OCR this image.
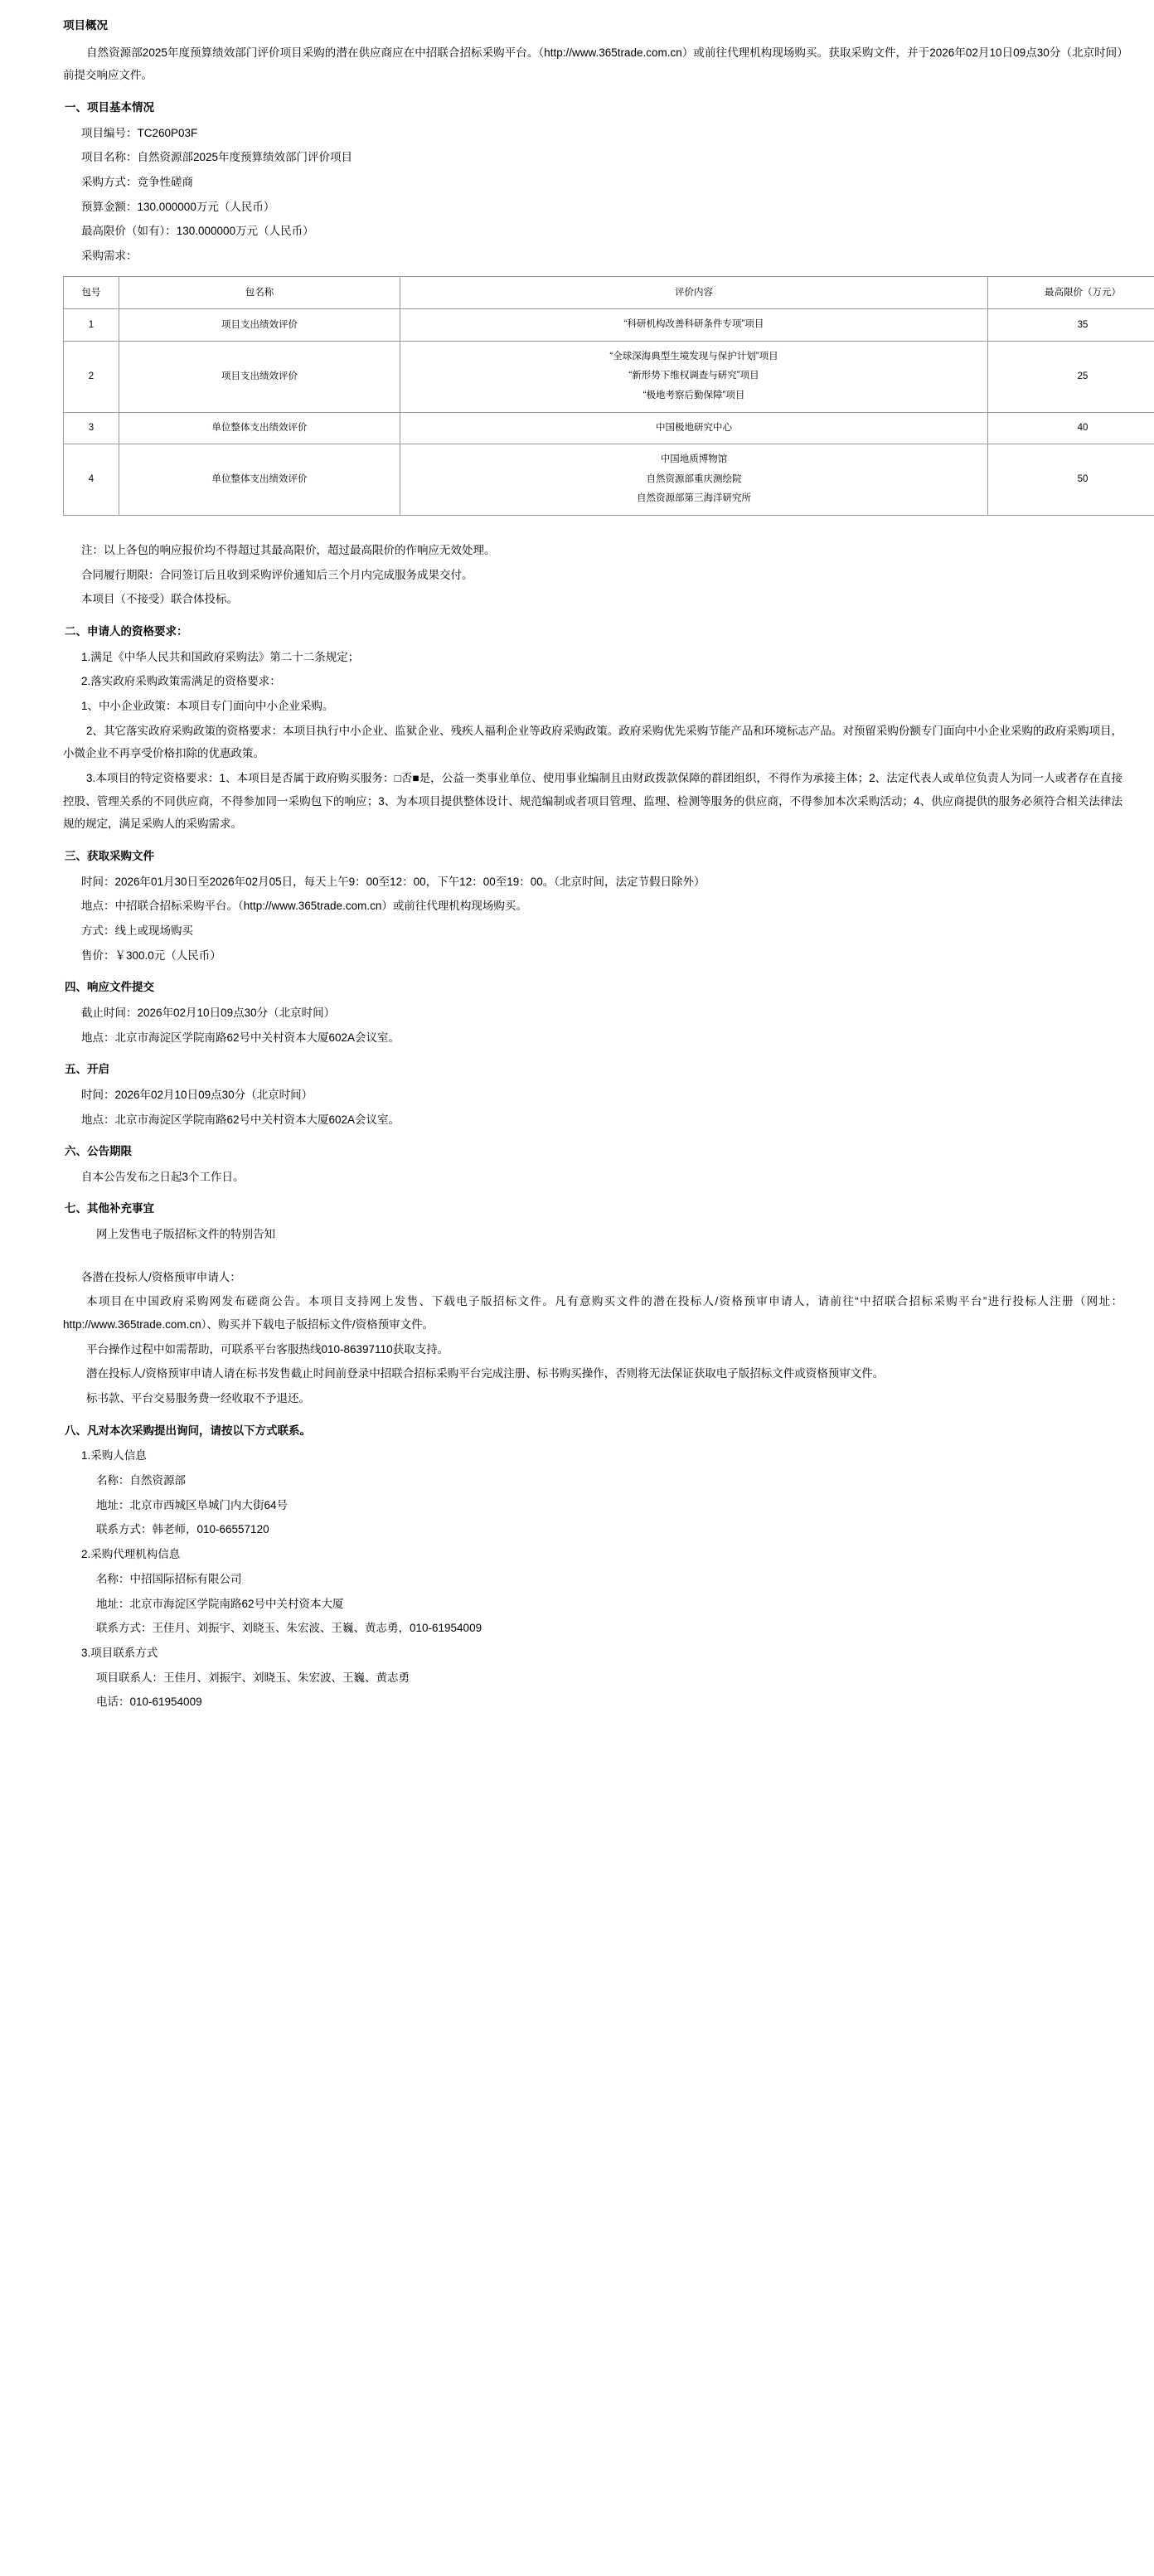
项目概况

自然资源部2025年度预算绩效部门评价项目采购的潜在供应商应在中招联合招标采购平台。（http://www.365trade.com.cn）或前往代理机构现场购买。获取采购文件，并于2026年02月10日09点30分（北京时间）前提交响应文件。

一、项目基本情况

项目编号：TC260P03F

项目名称：自然资源部2025年度预算绩效部门评价项目

采购方式：竞争性磋商

预算金额：130.000000万元（人民币）

最高限价（如有）：130.000000万元（人民币）

采购需求：

包号	包名称	评价内容	最高限价（万元）
1	项目支出绩效评价	“科研机构改善科研条件专项”项目	35
2	项目支出绩效评价	“全球深海典型生境发现与保护计划”项目
“新形势下维权调查与研究”项目
“极地考察后勤保障”项目	25
3	单位整体支出绩效评价	中国极地研究中心	40
4	单位整体支出绩效评价	中国地质博物馆
自然资源部重庆测绘院
自然资源部第三海洋研究所	50

注：以上各包的响应报价均不得超过其最高限价，超过最高限价的作响应无效处理。

合同履行期限：合同签订后且收到采购评价通知后三个月内完成服务成果交付。

本项目（不接受）联合体投标。

二、申请人的资格要求：

1.满足《中华人民共和国政府采购法》第二十二条规定；

2.落实政府采购政策需满足的资格要求：

1、中小企业政策：本项目专门面向中小企业采购。

2、其它落实政府采购政策的资格要求：本项目执行中小企业、监狱企业、残疾人福利企业等政府采购政策。政府采购优先采购节能产品和环境标志产品。对预留采购份额专门面向中小企业采购的政府采购项目，小微企业不再享受价格扣除的优惠政策。

3.本项目的特定资格要求：1、本项目是否属于政府购买服务：□否■是，公益一类事业单位、使用事业编制且由财政拨款保障的群团组织，不得作为承接主体；2、法定代表人或单位负责人为同一人或者存在直接控股、管理关系的不同供应商，不得参加同一采购包下的响应；3、为本项目提供整体设计、规范编制或者项目管理、监理、检测等服务的供应商，不得参加本次采购活动；4、供应商提供的服务必须符合相关法律法规的规定，满足采购人的采购需求。

三、获取采购文件

时间：2026年01月30日至2026年02月05日，每天上午9：00至12：00，下午12：00至19：00。（北京时间，法定节假日除外）

地点：中招联合招标采购平台。（http://www.365trade.com.cn）或前往代理机构现场购买。

方式：线上或现场购买

售价：￥300.0元（人民币）

四、响应文件提交

截止时间：2026年02月10日09点30分（北京时间）

地点：北京市海淀区学院南路62号中关村资本大厦602A会议室。

五、开启

时间：2026年02月10日09点30分（北京时间）

地点：北京市海淀区学院南路62号中关村资本大厦602A会议室。

六、公告期限

自本公告发布之日起3个工作日。

七、其他补充事宜

网上发售电子版招标文件的特别告知

各潜在投标人/资格预审申请人：

本项目在中国政府采购网发布磋商公告。本项目支持网上发售、下载电子版招标文件。凡有意购买文件的潜在投标人/资格预审申请人，请前往“中招联合招标采购平台”进行投标人注册（网址：http://www.365trade.com.cn）、购买并下载电子版招标文件/资格预审文件。

平台操作过程中如需帮助，可联系平台客服热线010-86397110获取支持。

潜在投标人/资格预审申请人请在标书发售截止时间前登录中招联合招标采购平台完成注册、标书购买操作，否则将无法保证获取电子版招标文件或资格预审文件。

标书款、平台交易服务费一经收取不予退还。

八、凡对本次采购提出询问，请按以下方式联系。

1.采购人信息

名称：自然资源部

地址：北京市西城区阜城门内大街64号

联系方式：韩老师，010-66557120

2.采购代理机构信息

名称：中招国际招标有限公司

地址：北京市海淀区学院南路62号中关村资本大厦

联系方式：王佳月、刘振宇、刘晓玉、朱宏波、王巍、黄志勇，010-61954009

3.项目联系方式

项目联系人：王佳月、刘振宇、刘晓玉、朱宏波、王巍、黄志勇

电话：010-61954009
